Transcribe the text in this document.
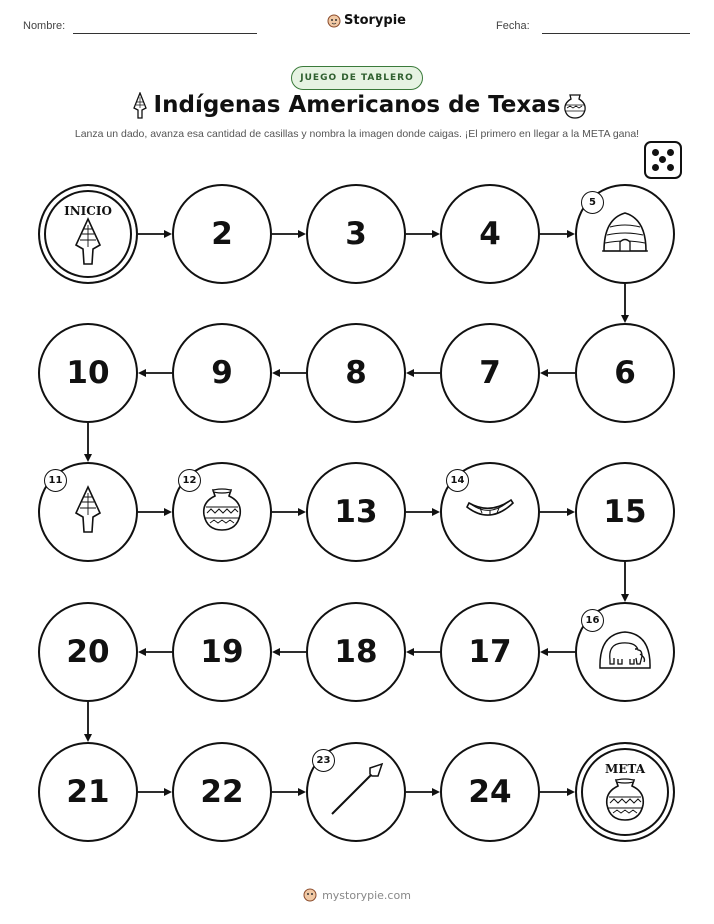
Nombre:	Storypie	Fecha:
JUEGO DE TABLERO
Indígenas Americanos de Texas
Lanza un dado, avanza esa cantidad de casillas y nombra la imagen donde caigas. ¡El primero en llegar a la META gana!
INICIO
2	3	4
5
6
7
8
9
10
11	12
13
14
15
16
17
18
19
20
21	22
23
24
META
mystorypie.com
